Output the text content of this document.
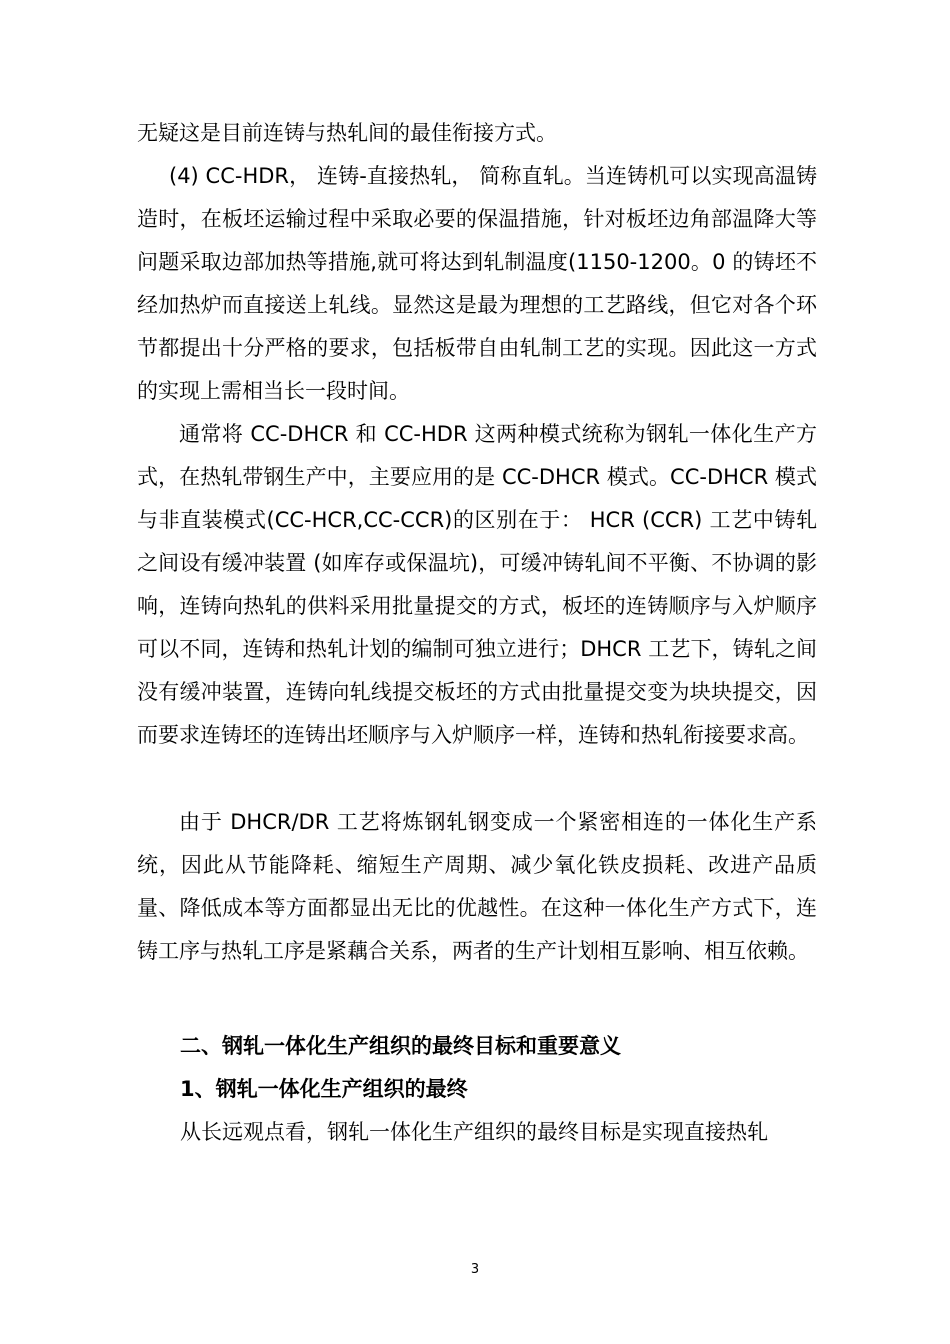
无疑这是目前连铸与热轧间的最佳衔接方式。

(4) CC-HDR， 连铸-直接热轧， 简称直轧。当连铸机可以实现高温铸造时，在板坯运输过程中采取必要的保温措施，针对板坯边角部温降大等问题采取边部加热等措施,就可将达到轧制温度(1150-1200。0 的铸坯不经加热炉而直接送上轧线。显然这是最为理想的工艺路线，但它对各个环节都提出十分严格的要求，包括板带自由轧制工艺的实现。因此这一方式的实现上需相当长一段时间。

通常将 CC-DHCR 和 CC-HDR 这两种模式统称为钢轧一体化生产方式，在热轧带钢生产中，主要应用的是 CC-DHCR 模式。CC-DHCR 模式与非直装模式(CC-HCR,CC-CCR)的区别在于： HCR (CCR) 工艺中铸轧之间设有缓冲装置 (如库存或保温坑)，可缓冲铸轧间不平衡、不协调的影响，连铸向热轧的供料采用批量提交的方式，板坯的连铸顺序与入炉顺序可以不同，连铸和热轧计划的编制可独立进行；DHCR 工艺下，铸轧之间没有缓冲装置，连铸向轧线提交板坯的方式由批量提交变为块块提交，因而要求连铸坯的连铸出坯顺序与入炉顺序一样，连铸和热轧衔接要求高。

由于 DHCR/DR 工艺将炼钢轧钢变成一个紧密相连的一体化生产系统，因此从节能降耗、缩短生产周期、减少氧化铁皮损耗、改进产品质量、降低成本等方面都显出无比的优越性。在这种一体化生产方式下，连铸工序与热轧工序是紧藕合关系，两者的生产计划相互影响、相互依赖。

二、钢轧一体化生产组织的最终目标和重要意义
1、钢轧一体化生产组织的最终

从长远观点看，钢轧一体化生产组织的最终目标是实现直接热轧

3
